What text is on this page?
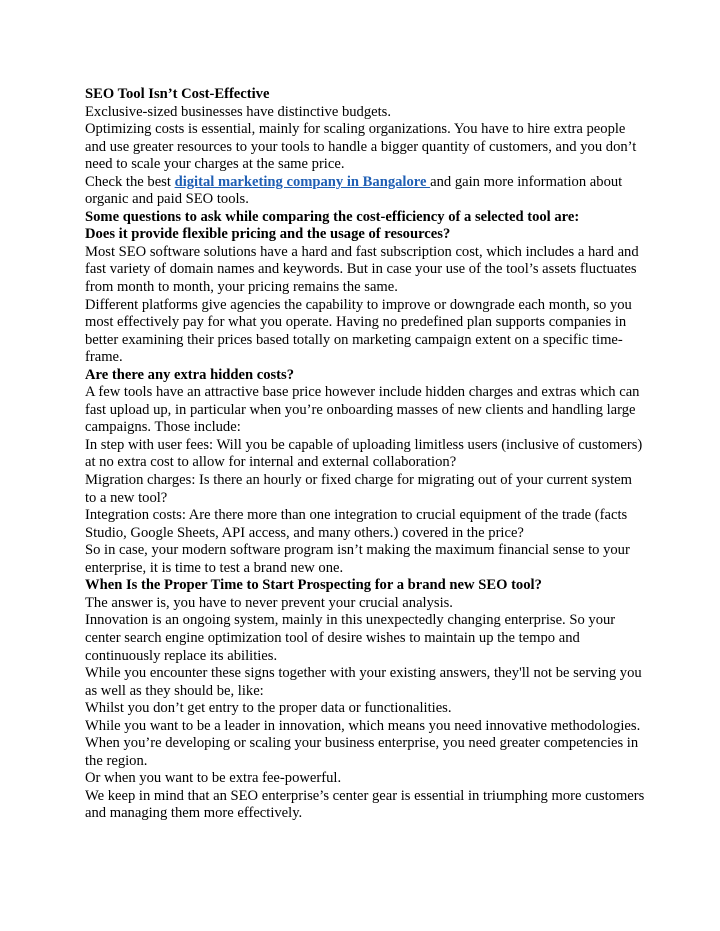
SEO Tool Isn’t Cost-Effective

Exclusive-sized businesses have distinctive budgets.

Optimizing costs is essential, mainly for scaling organizations. You have to hire extra people and use greater resources to your tools to handle a bigger quantity of customers, and you don’t need to scale your charges at the same price.

Check the best digital marketing company in Bangalore and gain more information about organic and paid SEO tools.

Some questions to ask while comparing the cost-efficiency of a selected tool are:

Does it provide flexible pricing and the usage of resources?

Most SEO software solutions have a hard and fast subscription cost, which includes a hard and fast variety of domain names and keywords. But in case your use of the tool’s assets fluctuates from month to month, your pricing remains the same.

Different platforms give agencies the capability to improve or downgrade each month, so you most effectively pay for what you operate. Having no predefined plan supports companies in better examining their prices based totally on marketing campaign extent on a specific time-frame.

Are there any extra hidden costs?

A few tools have an attractive base price however include hidden charges and extras which can fast upload up, in particular when you’re onboarding masses of new clients and handling large campaigns. Those include:

In step with user fees: Will you be capable of uploading limitless users (inclusive of customers) at no extra cost to allow for internal and external collaboration?

Migration charges: Is there an hourly or fixed charge for migrating out of your current system to a new tool?

Integration costs: Are there more than one integration to crucial equipment of the trade (facts Studio, Google Sheets, API access, and many others.) covered in the price?

So in case, your modern software program isn’t making the maximum financial sense to your enterprise, it is time to test a brand new one.

When Is the Proper Time to Start Prospecting for a brand new SEO tool?

The answer is, you have to never prevent your crucial analysis.

Innovation is an ongoing system, mainly in this unexpectedly changing enterprise. So your center search engine optimization tool of desire wishes to maintain up the tempo and continuously replace its abilities.

While you encounter these signs together with your existing answers, they'll not be serving you as well as they should be, like:

Whilst you don’t get entry to the proper data or functionalities.

While you want to be a leader in innovation, which means you need innovative methodologies.

When you’re developing or scaling your business enterprise, you need greater competencies in the region.

Or when you want to be extra fee-powerful.

We keep in mind that an SEO enterprise’s center gear is essential in triumphing more customers and managing them more effectively.
